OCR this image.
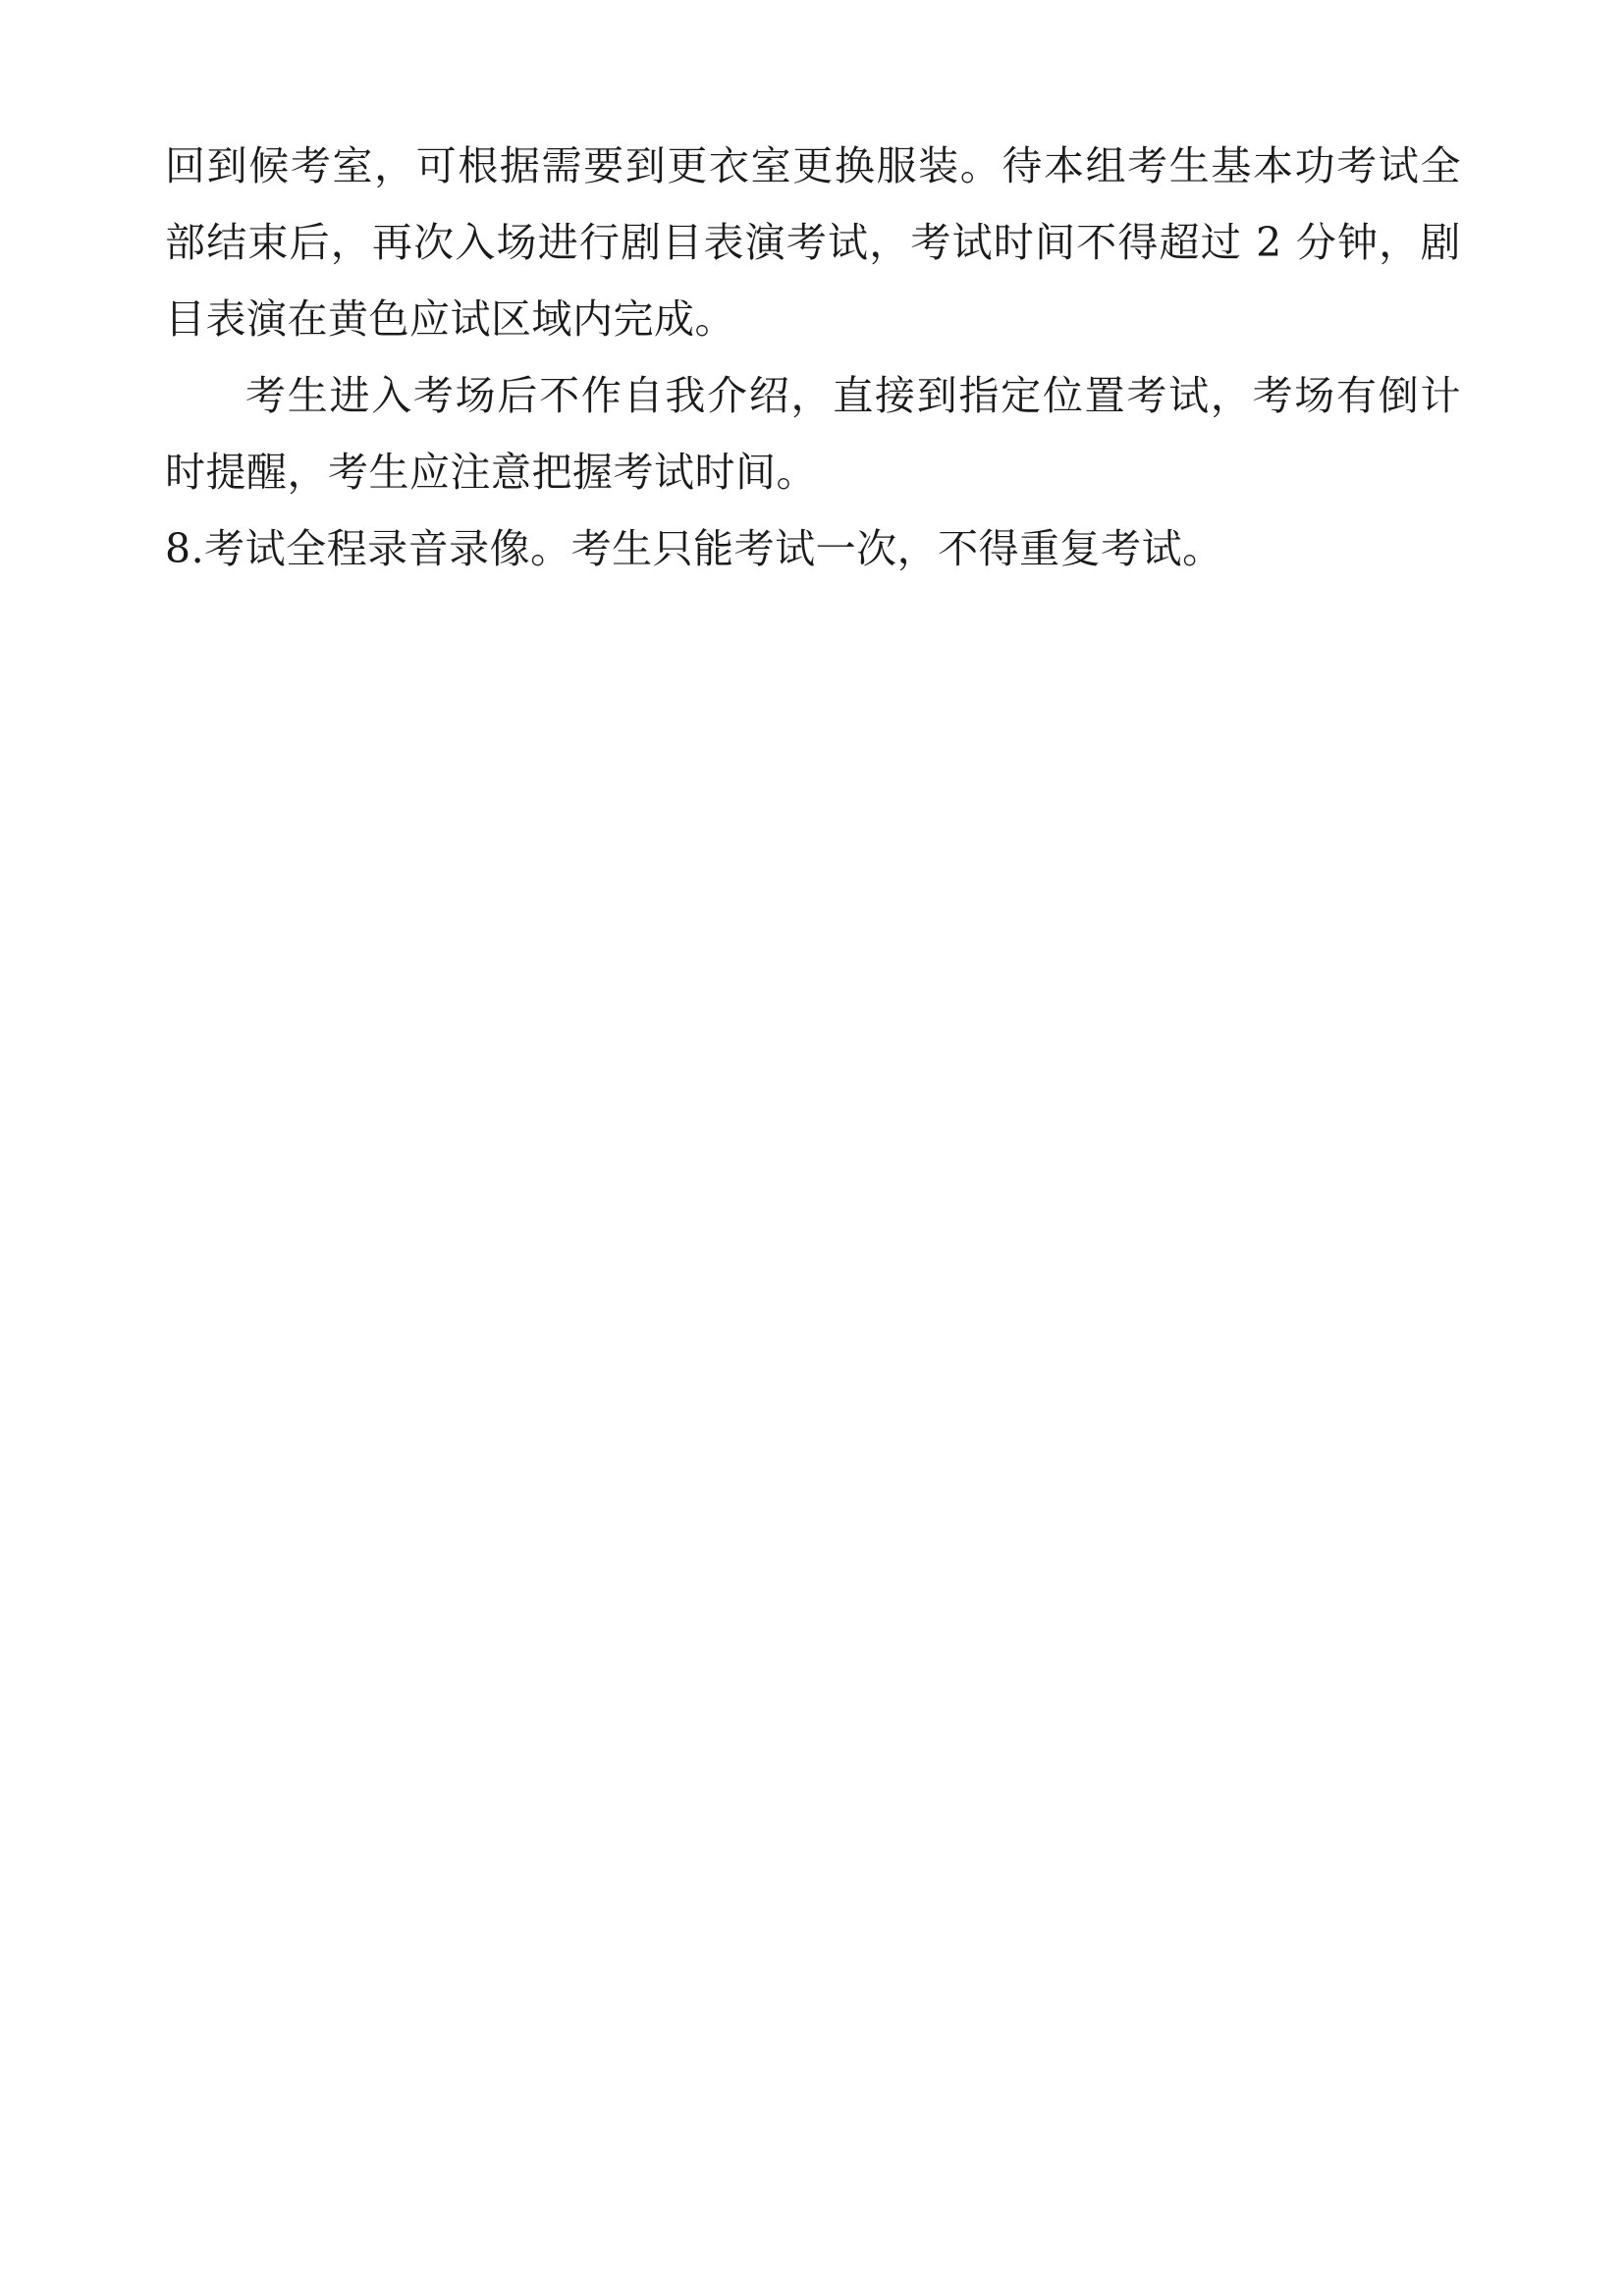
回到候考室，可根据需要到更衣室更换服装。待本组考生基本功考试全部结束后，再次入场进行剧目表演考试，考试时间不得超过 2 分钟，剧目表演在黄色应试区域内完成。

考生进入考场后不作自我介绍，直接到指定位置考试，考场有倒计时提醒，考生应注意把握考试时间。

8.考试全程录音录像。考生只能考试一次，不得重复考试。
